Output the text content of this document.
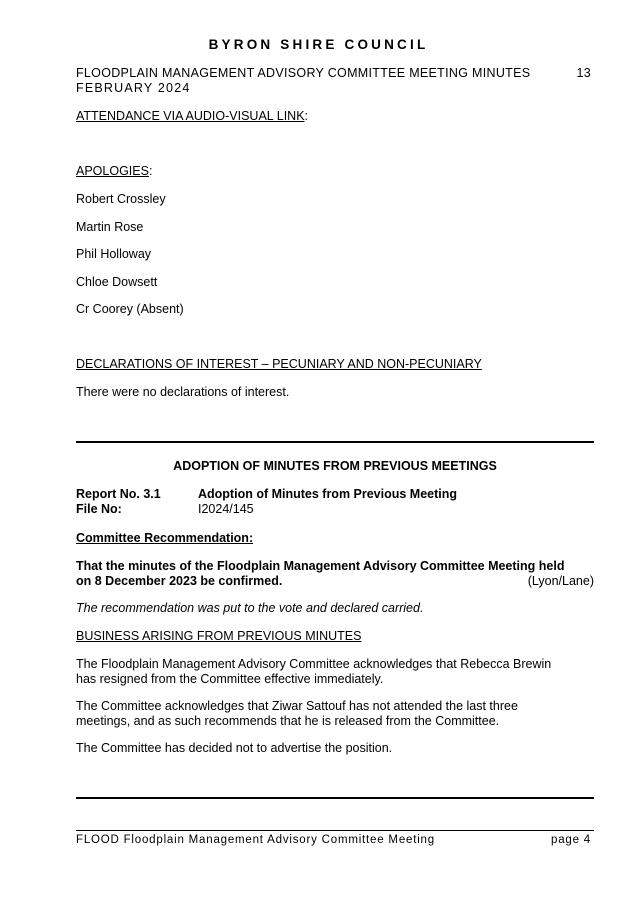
BYRON SHIRE COUNCIL
FLOODPLAIN MANAGEMENT ADVISORY COMMITTEE MEETING MINUTES	13
FEBRUARY 2024
ATTENDANCE VIA AUDIO-VISUAL LINK:
APOLOGIES:
Robert Crossley
Martin Rose
Phil Holloway
Chloe Dowsett
Cr Coorey (Absent)
DECLARATIONS OF INTEREST – PECUNIARY AND NON-PECUNIARY
There were no declarations of interest.
ADOPTION OF MINUTES FROM PREVIOUS MEETINGS
Report No. 3.1	Adoption of Minutes from Previous Meeting
File No:	I2024/145
Committee Recommendation:
That the minutes of the Floodplain Management Advisory Committee Meeting held
on 8 December 2023 be confirmed.	(Lyon/Lane)
The recommendation was put to the vote and declared carried.
BUSINESS ARISING FROM PREVIOUS MINUTES
The Floodplain Management Advisory Committee acknowledges that Rebecca Brewin
has resigned from the Committee effective immediately.
The Committee acknowledges that Ziwar Sattouf has not attended the last three
meetings, and as such recommends that he is released from the Committee.
The Committee has decided not to advertise the position.
FLOOD Floodplain Management Advisory Committee Meeting	page 4
